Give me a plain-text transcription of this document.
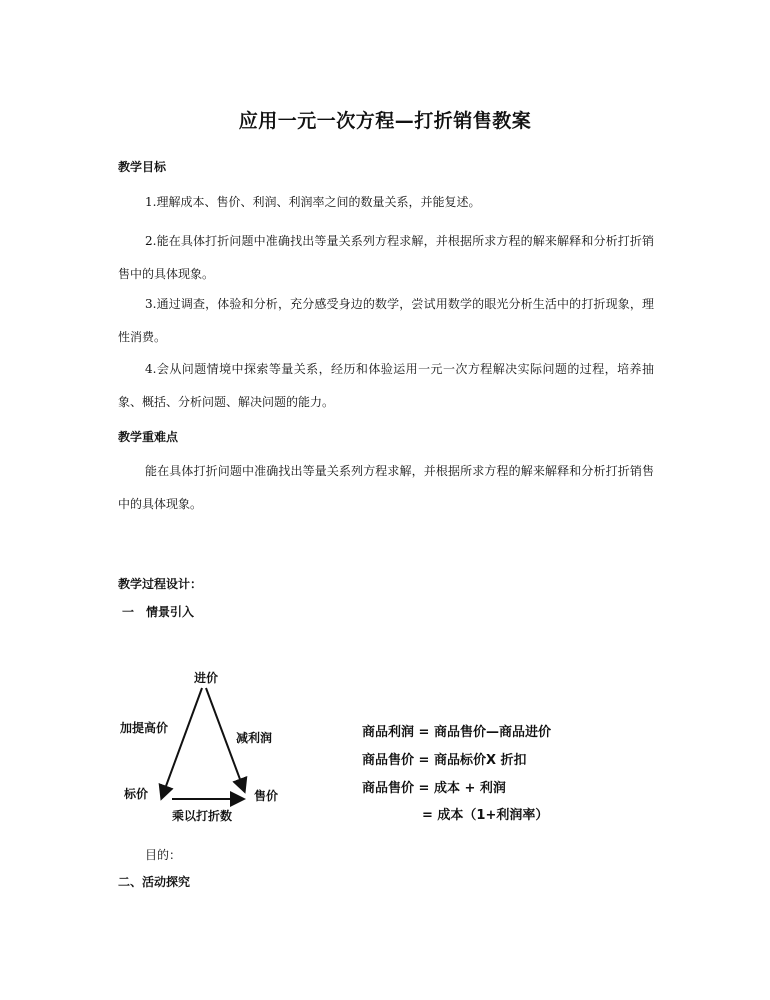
应用一元一次方程—打折销售教案
教学目标

1.理解成本、售价、利润、利润率之间的数量关系，并能复述。

2.能在具体打折问题中准确找出等量关系列方程求解，并根据所求方程的解来解释和分析打折销售中的具体现象。

3.通过调查，体验和分析，充分感受身边的数学，尝试用数学的眼光分析生活中的打折现象，理性消费。

4.会从问题情境中探索等量关系，经历和体验运用一元一次方程解决实际问题的过程，培养抽象、概括、分析问题、解决问题的能力。

教学重难点

能在具体打折问题中准确找出等量关系列方程求解，并根据所求方程的解来解释和分析打折销售中的具体现象。

教学过程设计：
一　情景引入
进价
标价	售价
加提高价
减利润
乘以打折数
商品利润 = 商品售价—商品进价
商品售价 = 商品标价X 折扣
商品售价 = 成本 + 利润
= 成本（1+利润率）
目的：
二、活动探究
